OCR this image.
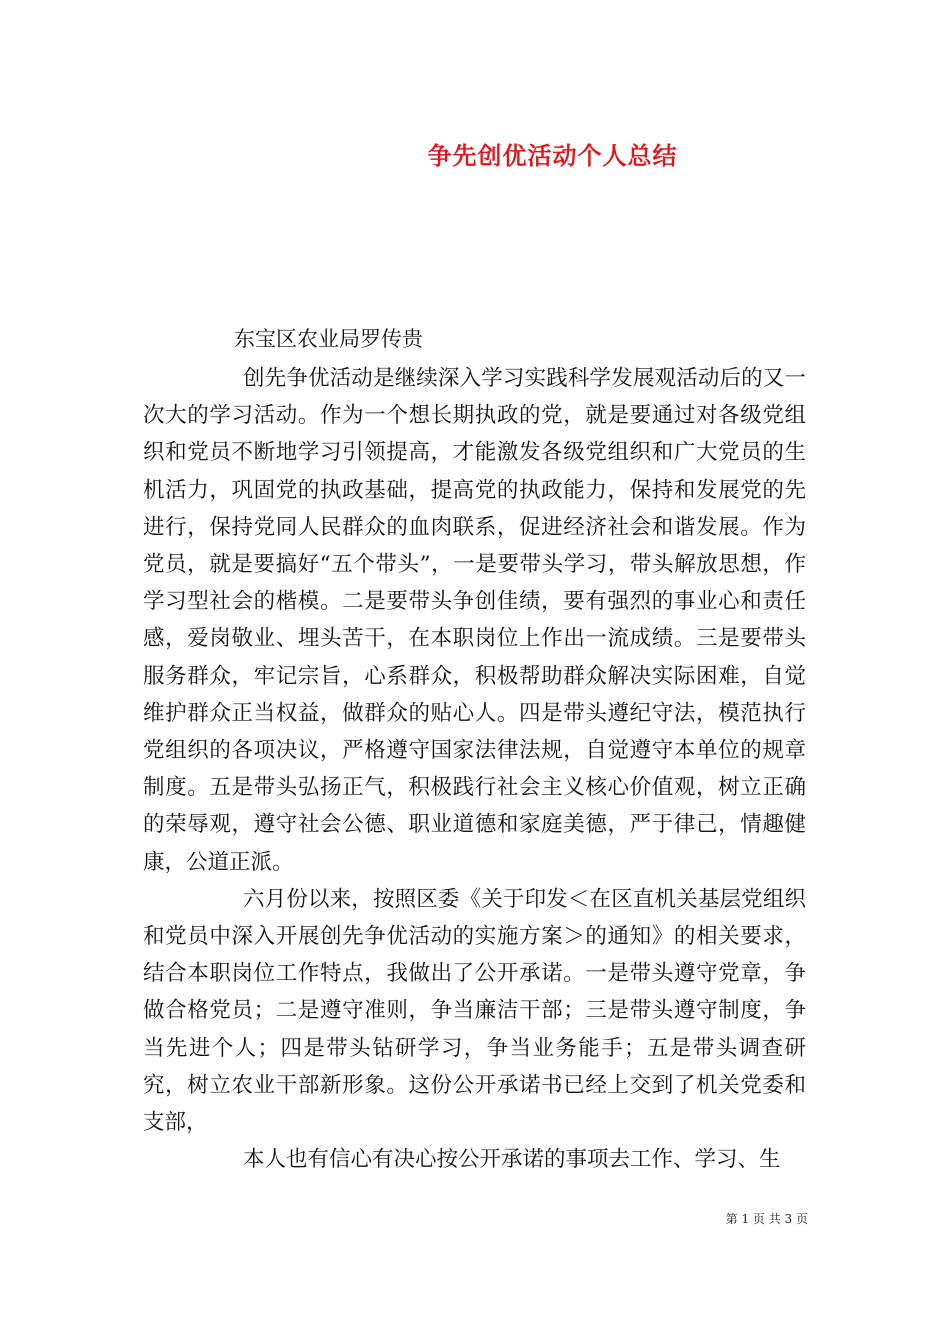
争先创优活动个人总结

东宝区农业局罗传贵

创先争优活动是继续深入学习实践科学发展观活动后的又一次大的学习活动。作为一个想长期执政的党，就是要通过对各级党组织和党员不断地学习引领提高，才能激发各级党组织和广大党员的生机活力，巩固党的执政基础，提高党的执政能力，保持和发展党的先进行，保持党同人民群众的血肉联系，促进经济社会和谐发展。作为党员，就是要搞好“五个带头”，一是要带头学习，带头解放思想，作学习型社会的楷模。二是要带头争创佳绩，要有强烈的事业心和责任感，爱岗敬业、埋头苦干，在本职岗位上作出一流成绩。三是要带头服务群众，牢记宗旨，心系群众，积极帮助群众解决实际困难，自觉维护群众正当权益，做群众的贴心人。四是带头遵纪守法，模范执行党组织的各项决议，严格遵守国家法律法规，自觉遵守本单位的规章制度。五是带头弘扬正气，积极践行社会主义核心价值观，树立正确的荣辱观，遵守社会公德、职业道德和家庭美德，严于律己，情趣健康，公道正派。

六月份以来，按照区委《关于印发＜在区直机关基层党组织和党员中深入开展创先争优活动的实施方案＞的通知》的相关要求，结合本职岗位工作特点，我做出了公开承诺。一是带头遵守党章，争做合格党员；二是遵守准则，争当廉洁干部；三是带头遵守制度，争当先进个人；四是带头钻研学习，争当业务能手；五是带头调查研究，树立农业干部新形象。这份公开承诺书已经上交到了机关党委和支部，

本人也有信心有决心按公开承诺的事项去工作、学习、生

第 1 页 共 3 页
